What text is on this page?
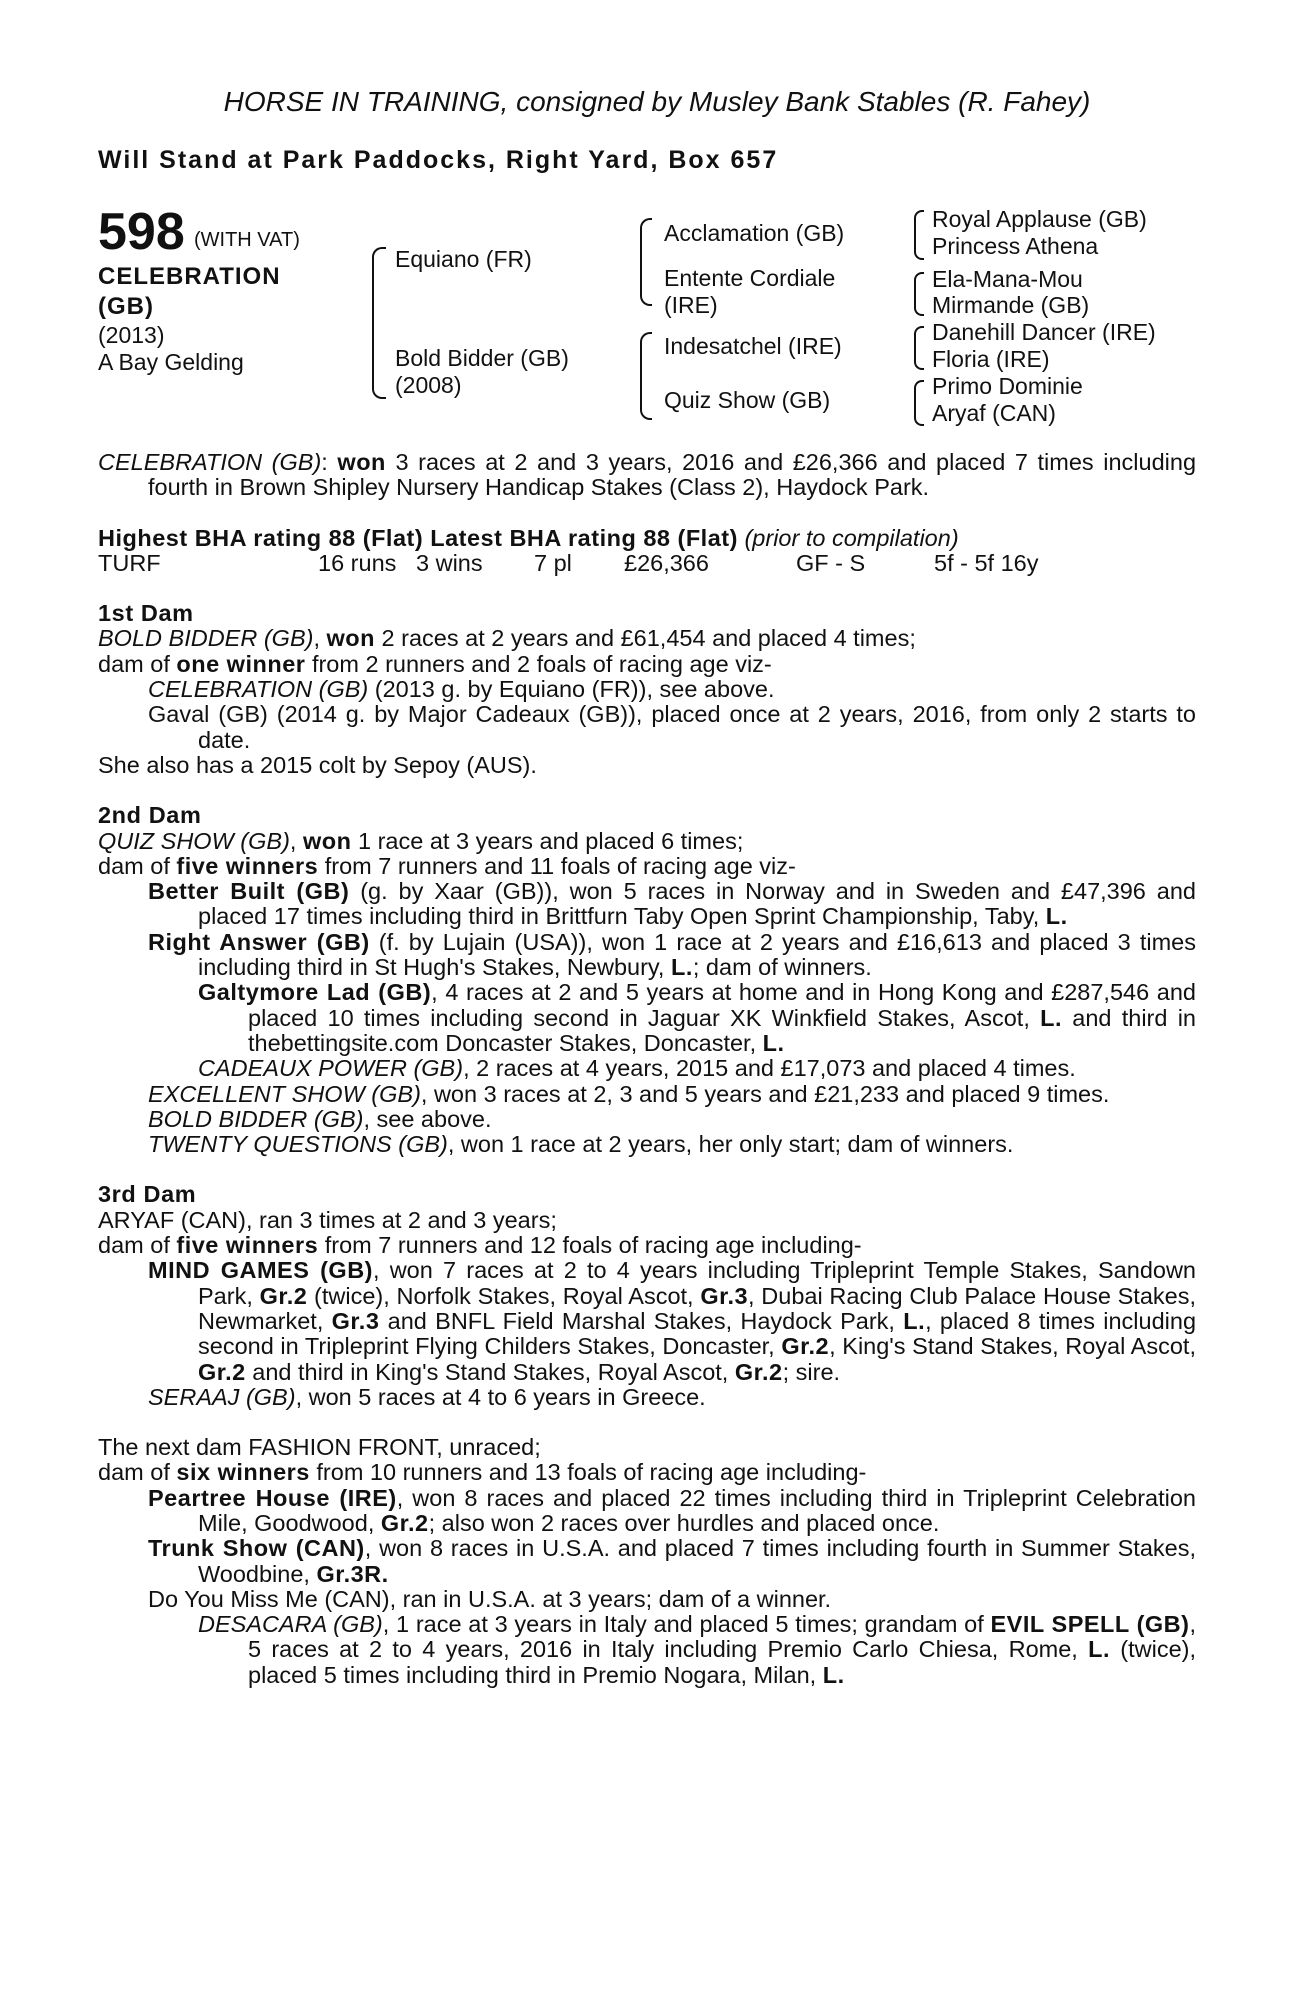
HORSE IN TRAINING, consigned by Musley Bank Stables (R. Fahey)
Will Stand at Park Paddocks, Right Yard, Box 657
598 (WITH VAT)
CELEBRATION
(GB)
(2013)
A Bay Gelding
Equiano (FR)
Bold Bidder (GB)
(2008)
Acclamation (GB)
Entente Cordiale
(IRE)
Indesatchel (IRE)
Quiz Show (GB)
Royal Applause (GB)
Princess Athena
Ela-Mana-Mou
Mirmande (GB)
Danehill Dancer (IRE)
Floria (IRE)
Primo Dominie
Aryaf (CAN)

CELEBRATION (GB): won 3 races at 2 and 3 years, 2016 and £26,366 and placed 7 times including fourth in Brown Shipley Nursery Handicap Stakes (Class 2), Haydock Park.

Highest BHA rating 88 (Flat) Latest BHA rating 88 (Flat) (prior to compilation)

TURF	16 runs 3 wins	7 pl	£26,366	GF - S	5f - 5f 16y

1st Dam

BOLD BIDDER (GB), won 2 races at 2 years and £61,454 and placed 4 times;

dam of one winner from 2 runners and 2 foals of racing age viz-

CELEBRATION (GB) (2013 g. by Equiano (FR)), see above.

Gaval (GB) (2014 g. by Major Cadeaux (GB)), placed once at 2 years, 2016, from only 2 starts to date.

She also has a 2015 colt by Sepoy (AUS).

2nd Dam

QUIZ SHOW (GB), won 1 race at 3 years and placed 6 times;

dam of five winners from 7 runners and 11 foals of racing age viz-

Better Built (GB) (g. by Xaar (GB)), won 5 races in Norway and in Sweden and £47,396 and placed 17 times including third in Brittfurn Taby Open Sprint Championship, Taby, L.

Right Answer (GB) (f. by Lujain (USA)), won 1 race at 2 years and £16,613 and placed 3 times including third in St Hugh's Stakes, Newbury, L.; dam of winners.

Galtymore Lad (GB), 4 races at 2 and 5 years at home and in Hong Kong and £287,546 and placed 10 times including second in Jaguar XK Winkfield Stakes, Ascot, L. and third in thebettingsite.com Doncaster Stakes, Doncaster, L.

CADEAUX POWER (GB), 2 races at 4 years, 2015 and £17,073 and placed 4 times.

EXCELLENT SHOW (GB), won 3 races at 2, 3 and 5 years and £21,233 and placed 9 times.

BOLD BIDDER (GB), see above.

TWENTY QUESTIONS (GB), won 1 race at 2 years, her only start; dam of winners.

3rd Dam

ARYAF (CAN), ran 3 times at 2 and 3 years;

dam of five winners from 7 runners and 12 foals of racing age including-

MIND GAMES (GB), won 7 races at 2 to 4 years including Tripleprint Temple Stakes, Sandown Park, Gr.2 (twice), Norfolk Stakes, Royal Ascot, Gr.3, Dubai Racing Club Palace House Stakes, Newmarket, Gr.3 and BNFL Field Marshal Stakes, Haydock Park, L., placed 8 times including second in Tripleprint Flying Childers Stakes, Doncaster, Gr.2, King's Stand Stakes, Royal Ascot, Gr.2 and third in King's Stand Stakes, Royal Ascot, Gr.2; sire.

SERAAJ (GB), won 5 races at 4 to 6 years in Greece.

The next dam FASHION FRONT, unraced;

dam of six winners from 10 runners and 13 foals of racing age including-

Peartree House (IRE), won 8 races and placed 22 times including third in Tripleprint Celebration Mile, Goodwood, Gr.2; also won 2 races over hurdles and placed once.

Trunk Show (CAN), won 8 races in U.S.A. and placed 7 times including fourth in Summer Stakes, Woodbine, Gr.3R.

Do You Miss Me (CAN), ran in U.S.A. at 3 years; dam of a winner.

DESACARA (GB), 1 race at 3 years in Italy and placed 5 times; grandam of EVIL SPELL (GB), 5 races at 2 to 4 years, 2016 in Italy including Premio Carlo Chiesa, Rome, L. (twice), placed 5 times including third in Premio Nogara, Milan, L.
